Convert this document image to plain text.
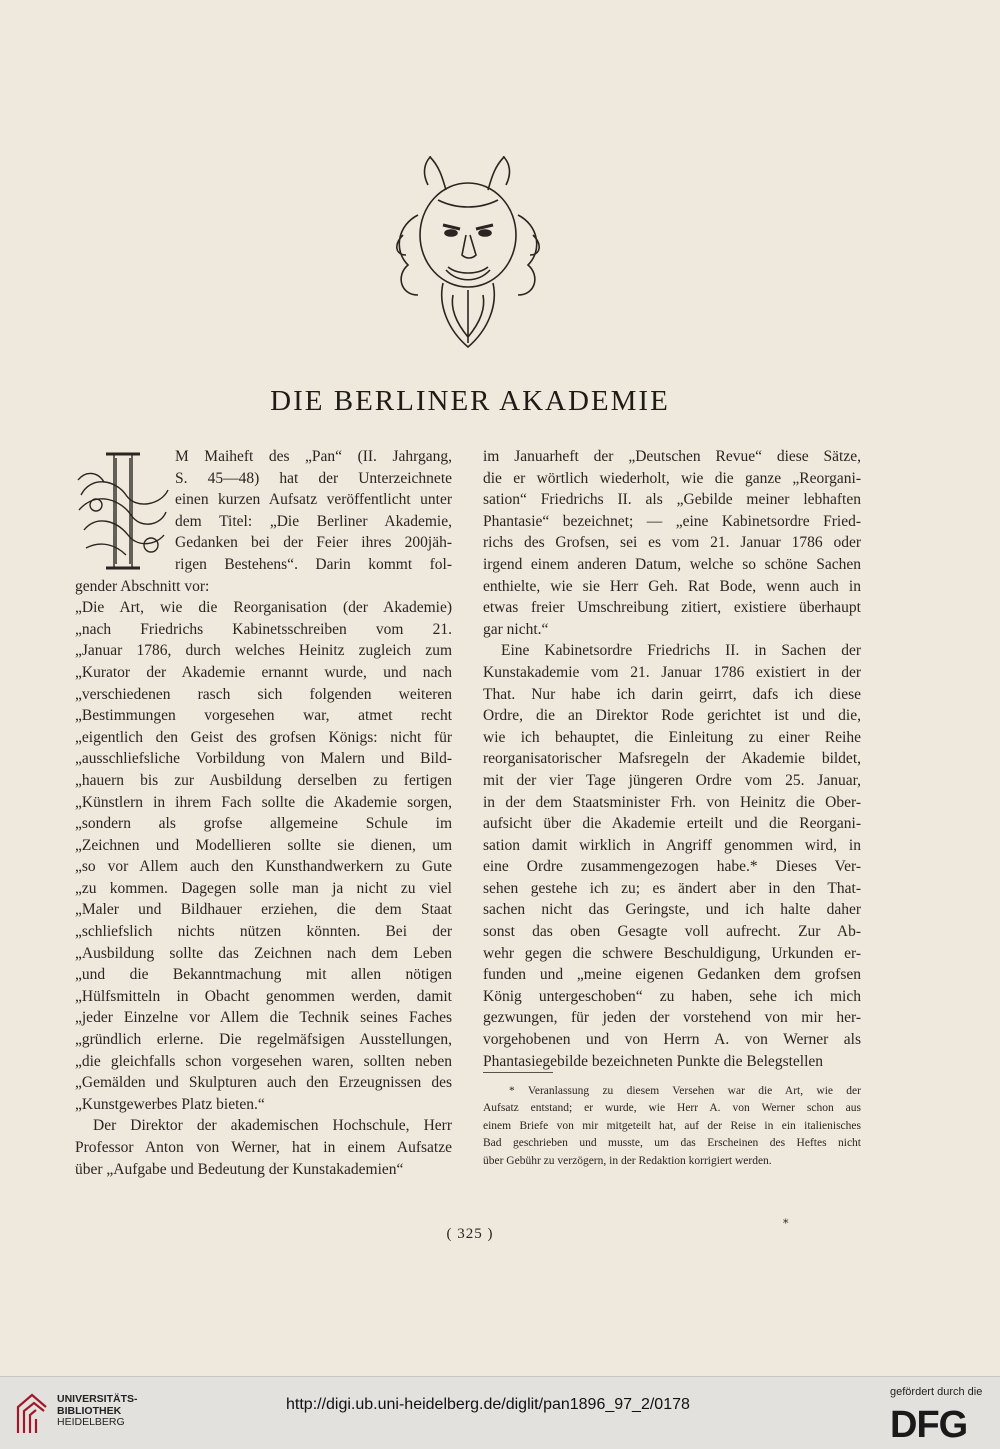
DIE BERLINER AKADEMIE
M Maiheft des „Pan“ (II. Jahrgang,
S. 45—48) hat der Unterzeichnete
einen kurzen Aufsatz veröffentlicht unter
dem Titel: „Die Berliner Akademie,
Gedanken bei der Feier ihres 200jäh-
rigen Bestehens“. Darin kommt fol-
gender Abschnitt vor:
„Die Art, wie die Reorganisation (der Akademie)
„nach Friedrichs Kabinetsschreiben vom 21.
„Januar 1786, durch welches Heinitz zugleich zum
„Kurator der Akademie ernannt wurde, und nach
„verschiedenen rasch sich folgenden weiteren
„Bestimmungen vorgesehen war, atmet recht
„eigentlich den Geist des grofsen Königs: nicht für
„ausschliefsliche Vorbildung von Malern und Bild-
„hauern bis zur Ausbildung derselben zu fertigen
„Künstlern in ihrem Fach sollte die Akademie sorgen,
„sondern als grofse allgemeine Schule im
„Zeichnen und Modellieren sollte sie dienen, um
„so vor Allem auch den Kunsthandwerkern zu Gute
„zu kommen. Dagegen solle man ja nicht zu viel
„Maler und Bildhauer erziehen, die dem Staat
„schliefslich nichts nützen könnten. Bei der
„Ausbildung sollte das Zeichnen nach dem Leben
„und die Bekanntmachung mit allen nötigen
„Hülfsmitteln in Obacht genommen werden, damit
„jeder Einzelne vor Allem die Technik seines Faches
„gründlich erlerne. Die regelmäfsigen Ausstellungen,
„die gleichfalls schon vorgesehen waren, sollten neben
„Gemälden und Skulpturen auch den Erzeugnissen des
„Kunstgewerbes Platz bieten.“
Der Direktor der akademischen Hochschule, Herr
Professor Anton von Werner, hat in einem Aufsatze
über „Aufgabe und Bedeutung der Kunstakademien“
im Januarheft der „Deutschen Revue“ diese Sätze,
die er wörtlich wiederholt, wie die ganze „Reorgani-
sation“ Friedrichs II. als „Gebilde meiner lebhaften
Phantasie“ bezeichnet; — „eine Kabinetsordre Fried-
richs des Grofsen, sei es vom 21. Januar 1786 oder
irgend einem anderen Datum, welche so schöne Sachen
enthielte, wie sie Herr Geh. Rat Bode, wenn auch in
etwas freier Umschreibung zitiert, existiere überhaupt
gar nicht.“
Eine Kabinetsordre Friedrichs II. in Sachen der
Kunstakademie vom 21. Januar 1786 existiert in der
That. Nur habe ich darin geirrt, dafs ich diese
Ordre, die an Direktor Rode gerichtet ist und die,
wie ich behauptet, die Einleitung zu einer Reihe
reorganisatorischer Mafsregeln der Akademie bildet,
mit der vier Tage jüngeren Ordre vom 25. Januar,
in der dem Staatsminister Frh. von Heinitz die Ober-
aufsicht über die Akademie erteilt und die Reorgani-
sation damit wirklich in Angriff genommen wird, in
eine Ordre zusammengezogen habe.* Dieses Ver-
sehen gestehe ich zu; es ändert aber in den That-
sachen nicht das Geringste, und ich halte daher
sonst das oben Gesagte voll aufrecht. Zur Ab-
wehr gegen die schwere Beschuldigung, Urkunden er-
funden und „meine eigenen Gedanken dem grofsen
König untergeschoben“ zu haben, sehe ich mich
gezwungen, für jeden der vorstehend von mir her-
vorgehobenen und von Herrn A. von Werner als
Phantasiegebilde bezeichneten Punkte die Belegstellen
* Veranlassung zu diesem Versehen war die Art, wie der
Aufsatz entstand; er wurde, wie Herr A. von Werner schon aus
einem Briefe von mir mitgeteilt hat, auf der Reise in ein italienisches
Bad geschrieben und musste, um das Erscheinen des Heftes nicht
über Gebühr zu verzögern, in der Redaktion korrigiert werden.
( 325 )
*
UNIVERSITÄTS-
BIBLIOTHEK
HEIDELBERG
http://digi.ub.uni-heidelberg.de/diglit/pan1896_97_2/0178
gefördert durch die
DFG
